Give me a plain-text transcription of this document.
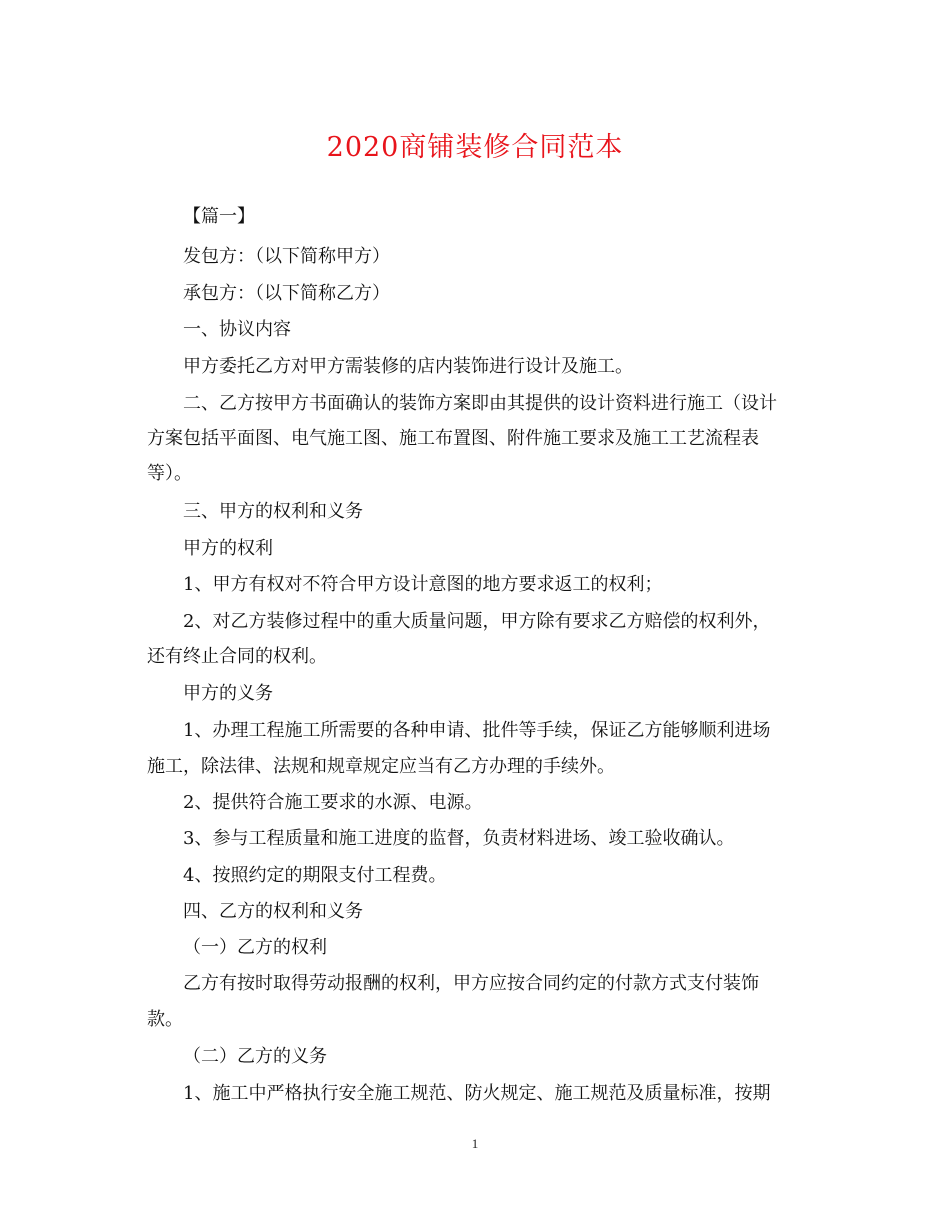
2020商铺装修合同范本
【篇一】
发包方：（以下简称甲方）
承包方：（以下简称乙方）
一、协议内容
甲方委托乙方对甲方需装修的店内装饰进行设计及施工。
二、乙方按甲方书面确认的装饰方案即由其提供的设计资料进行施工（设计
方案包括平面图、电气施工图、施工布置图、附件施工要求及施工工艺流程表
等）。
三、甲方的权利和义务
甲方的权利
1、甲方有权对不符合甲方设计意图的地方要求返工的权利；
2、对乙方装修过程中的重大质量问题，甲方除有要求乙方赔偿的权利外，
还有终止合同的权利。
甲方的义务
1、办理工程施工所需要的各种申请、批件等手续，保证乙方能够顺利进场
施工，除法律、法规和规章规定应当有乙方办理的手续外。
2、提供符合施工要求的水源、电源。
3、参与工程质量和施工进度的监督，负责材料进场、竣工验收确认。
4、按照约定的期限支付工程费。
四、乙方的权利和义务
（一）乙方的权利
乙方有按时取得劳动报酬的权利，甲方应按合同约定的付款方式支付装饰
款。
（二）乙方的义务
1、施工中严格执行安全施工规范、防火规定、施工规范及质量标准，按期
1
